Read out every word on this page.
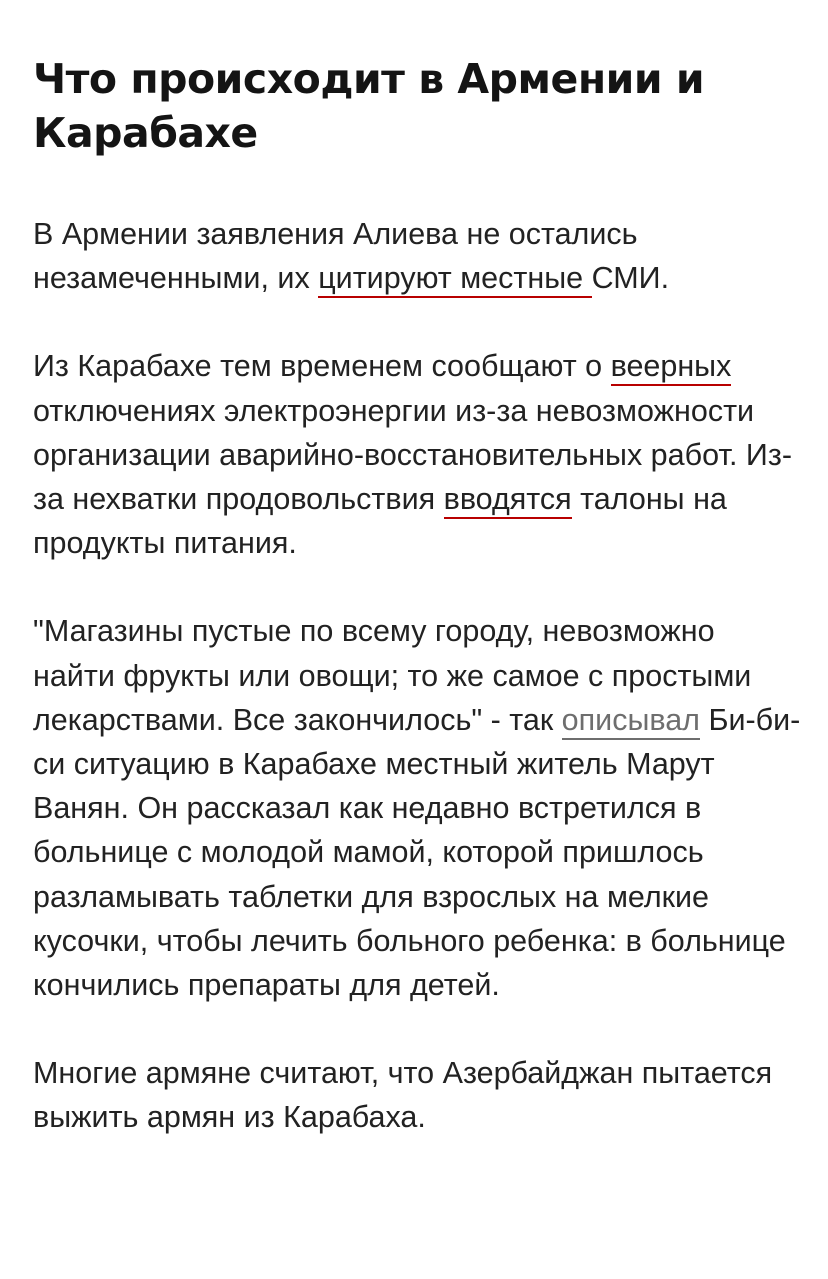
Что происходит в Армении и Карабахе

В Армении заявления Алиева не остались незамеченными, их цитируют местные СМИ.

Из Карабахе тем временем сообщают о веерных отключениях электроэнергии из-за невозможности организации аварийно-восстановительных работ. Из-за нехватки продовольствия вводятся талоны на продукты питания.

"Магазины пустые по всему городу, невозможно найти фрукты или овощи; то же самое с простыми лекарствами. Все закончилось" - так описывал Би-би-си ситуацию в Карабахе местный житель Марут Ванян. Он рассказал как недавно встретился в больнице с молодой мамой, которой пришлось разламывать таблетки для взрослых на мелкие кусочки, чтобы лечить больного ребенка: в больнице кончились препараты для детей.

Многие армяне считают, что Азербайджан пытается выжить армян из Карабаха.
